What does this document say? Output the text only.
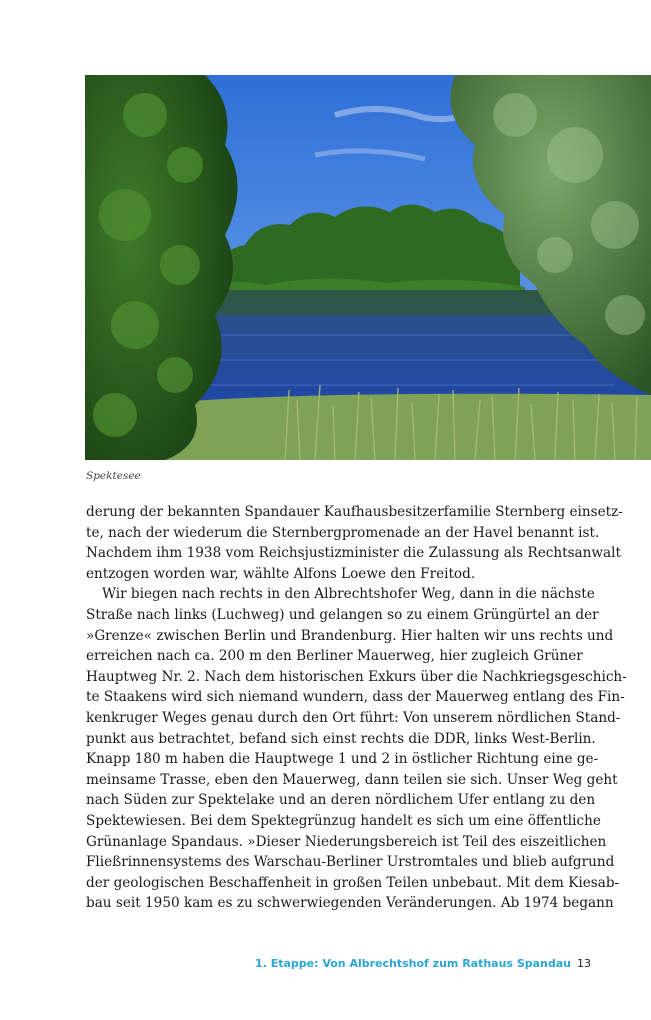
Spektesee
derung der bekannten Spandauer Kaufhausbesitzerfamilie Sternberg einsetz-
te, nach der wiederum die Sternbergpromenade an der Havel benannt ist.
Nachdem ihm 1938 vom Reichsjustizminister die Zulassung als Rechtsanwalt
entzogen worden war, wählte Alfons Loewe den Freitod.
Wir biegen nach rechts in den Albrechtshofer Weg, dann in die nächste
Straße nach links (Luchweg) und gelangen so zu einem Grüngürtel an der
»Grenze« zwischen Berlin und Brandenburg. Hier halten wir uns rechts und
erreichen nach ca. 200 m den Berliner Mauerweg, hier zugleich Grüner
Hauptweg Nr. 2. Nach dem historischen Exkurs über die Nachkriegsgeschich-
te Staakens wird sich niemand wundern, dass der Mauerweg entlang des Fin-
kenkruger Weges genau durch den Ort führt: Von unserem nördlichen Stand-
punkt aus betrachtet, befand sich einst rechts die DDR, links West-Berlin.
Knapp 180 m haben die Hauptwege 1 und 2 in östlicher Richtung eine ge-
meinsame Trasse, eben den Mauerweg, dann teilen sie sich. Unser Weg geht
nach Süden zur Spektelake und an deren nördlichem Ufer entlang zu den
Spektewiesen. Bei dem Spektegrünzug handelt es sich um eine öffentliche
Grünanlage Spandaus. »Dieser Niederungsbereich ist Teil des eiszeitlichen
Fließrinnensystems des Warschau-Berliner Urstromtales und blieb aufgrund
der geologischen Beschaffenheit in großen Teilen unbebaut. Mit dem Kiesab-
bau seit 1950 kam es zu schwerwiegenden Veränderungen. Ab 1974 begann
1. Etappe: Von Albrechtshof zum Rathaus Spandau 13
